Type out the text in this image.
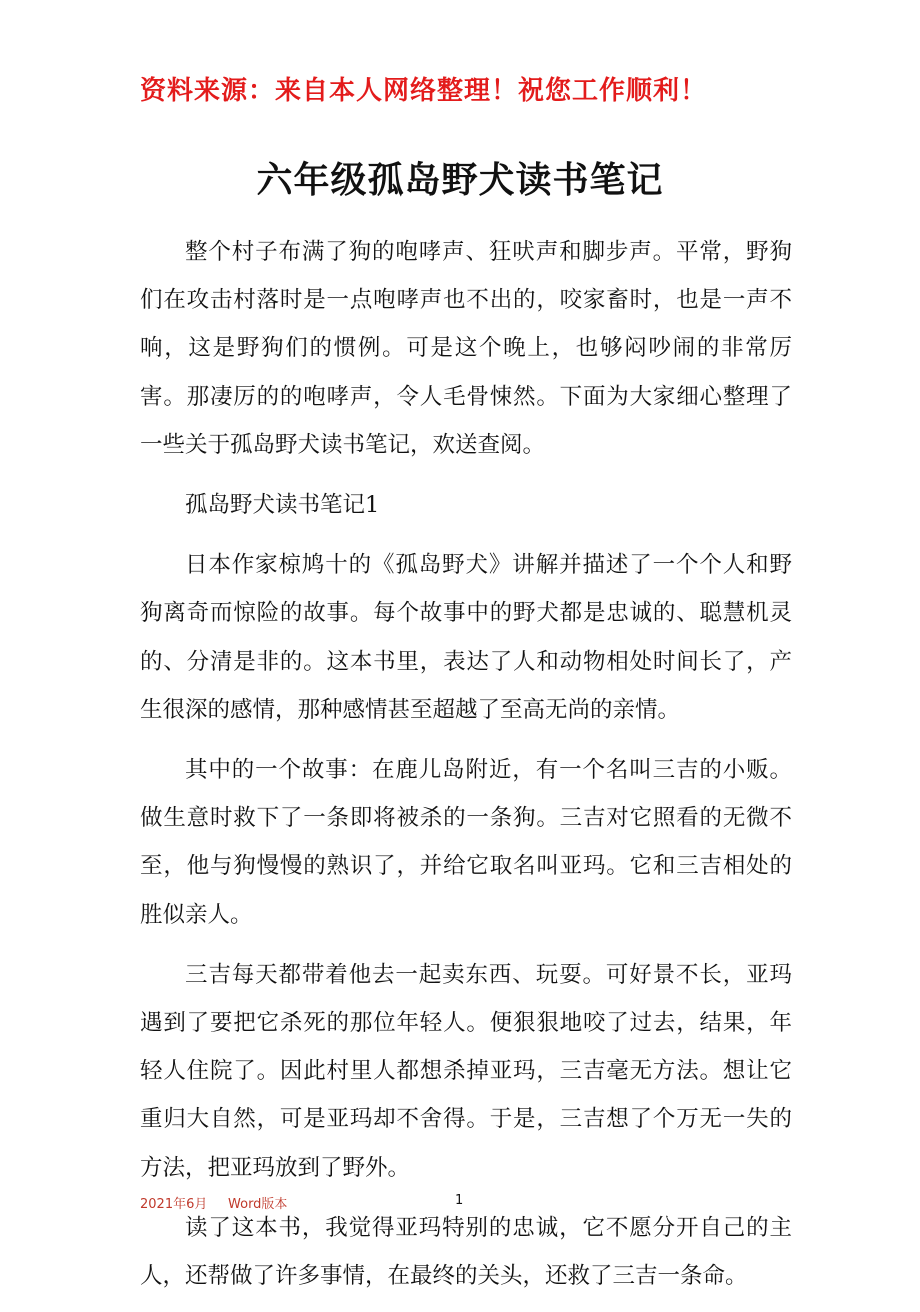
资料来源：来自本人网络整理！祝您工作顺利！
六年级孤岛野犬读书笔记

整个村子布满了狗的咆哮声、狂吠声和脚步声。平常，野狗们在攻击村落时是一点咆哮声也不出的，咬家畜时，也是一声不响，这是野狗们的惯例。可是这个晚上，也够闷吵闹的非常厉害。那凄厉的的咆哮声，令人毛骨悚然。下面为大家细心整理了一些关于孤岛野犬读书笔记，欢送查阅。

孤岛野犬读书笔记1

日本作家椋鸠十的《孤岛野犬》讲解并描述了一个个人和野狗离奇而惊险的故事。每个故事中的野犬都是忠诚的、聪慧机灵的、分清是非的。这本书里，表达了人和动物相处时间长了，产生很深的感情，那种感情甚至超越了至高无尚的亲情。

其中的一个故事：在鹿儿岛附近，有一个名叫三吉的小贩。做生意时救下了一条即将被杀的一条狗。三吉对它照看的无微不至，他与狗慢慢的熟识了，并给它取名叫亚玛。它和三吉相处的胜似亲人。

三吉每天都带着他去一起卖东西、玩耍。可好景不长，亚玛遇到了要把它杀死的那位年轻人。便狠狠地咬了过去，结果，年轻人住院了。因此村里人都想杀掉亚玛，三吉毫无方法。想让它重归大自然，可是亚玛却不舍得。于是，三吉想了个万无一失的方法，把亚玛放到了野外。

读了这本书，我觉得亚玛特别的忠诚，它不愿分开自己的主人，还帮做了许多事情，在最终的关头，还救了三吉一条命。

2021年6月     Word版本	1
